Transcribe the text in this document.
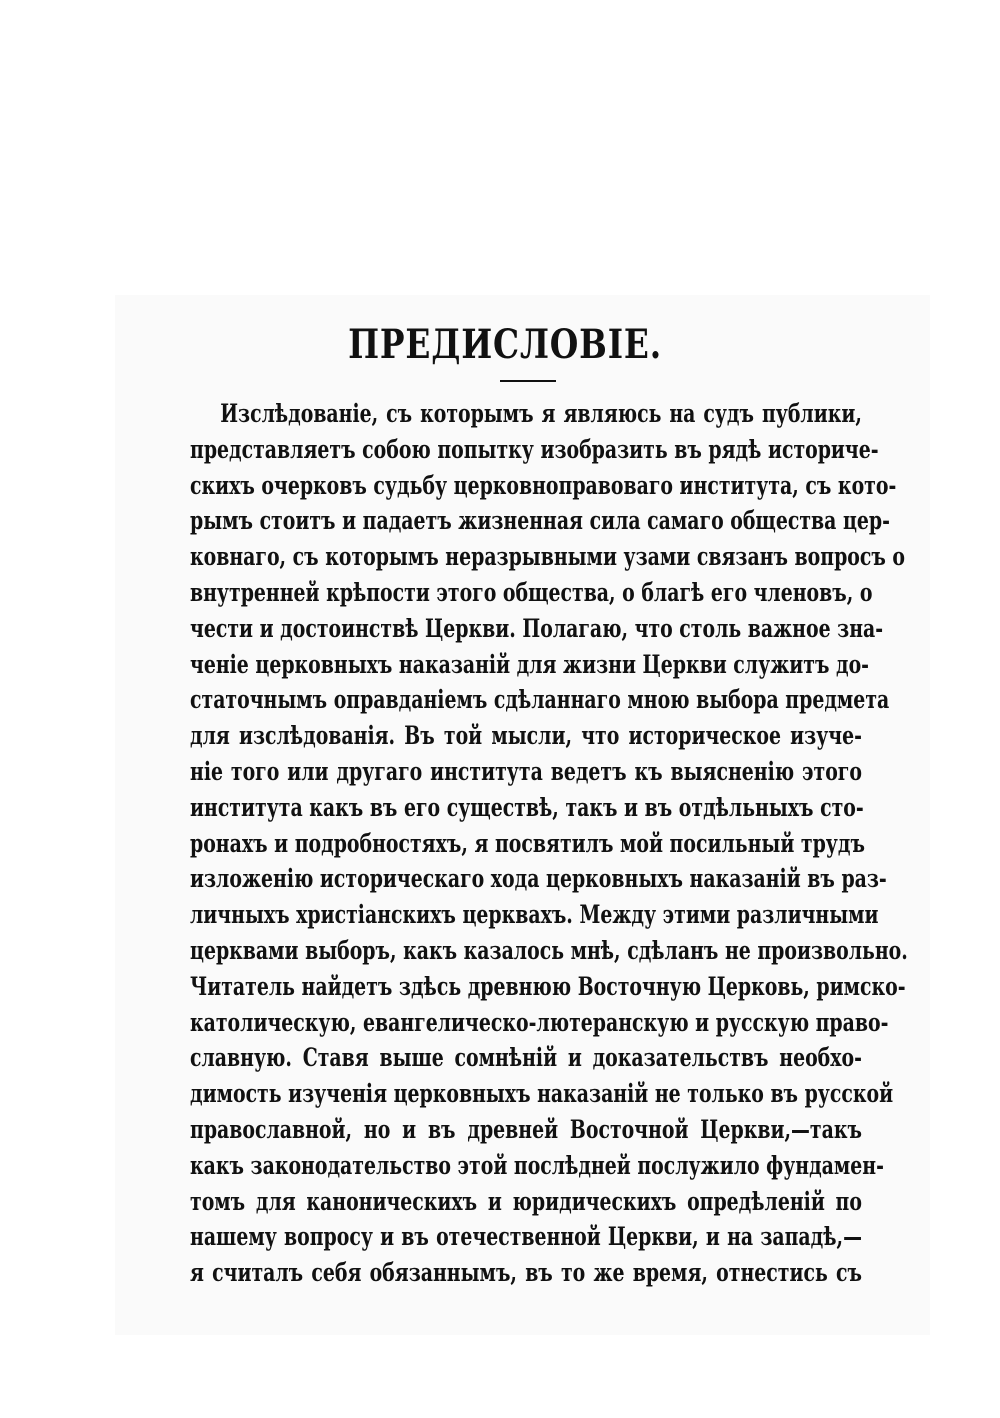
ПРЕДИСЛОВІЕ.
Изслѣдованіе, съ которымъ я являюсь на судъ публики,
представляетъ собою попытку изобразить въ рядѣ историче-
скихъ очерковъ судьбу церковноправоваго института, съ кото-
рымъ стоитъ и падаетъ жизненная сила самаго общества цер-
ковнаго, съ которымъ неразрывными узами связанъ вопросъ о
внутренней крѣпости этого общества, о благѣ его членовъ, о
чести и достоинствѣ Церкви. Полагаю, что столь важное зна-
ченіе церковныхъ наказаній для жизни Церкви служитъ до-
статочнымъ оправданіемъ сдѣланнаго мною выбора предмета
для изслѣдованія. Въ той мысли, что историческое изуче-
ніе того или другаго института ведетъ къ выясненію этого
института какъ въ его существѣ, такъ и въ отдѣльныхъ сто-
ронахъ и подробностяхъ, я посвятилъ мой посильный трудъ
изложенію историческаго хода церковныхъ наказаній въ раз-
личныхъ христіанскихъ церквахъ. Между этими различными
церквами выборъ, какъ казалось мнѣ, сдѣланъ не произвольно.
Читатель найдетъ здѣсь древнюю Восточную Церковь, римско-
католическую, евангелическо-лютеранскую и русскую право-
славную. Ставя выше сомнѣній и доказательствъ необхо-
димость изученія церковныхъ наказаній не только въ русской
православной, но и въ древней Восточной Церкви,—такъ
какъ законодательство этой послѣдней послужило фундамен-
томъ для каноническихъ и юридическихъ опредѣленій по
нашему вопросу и въ отечественной Церкви, и на западѣ,—
я считалъ себя обязаннымъ, въ то же время, отнестись съ
